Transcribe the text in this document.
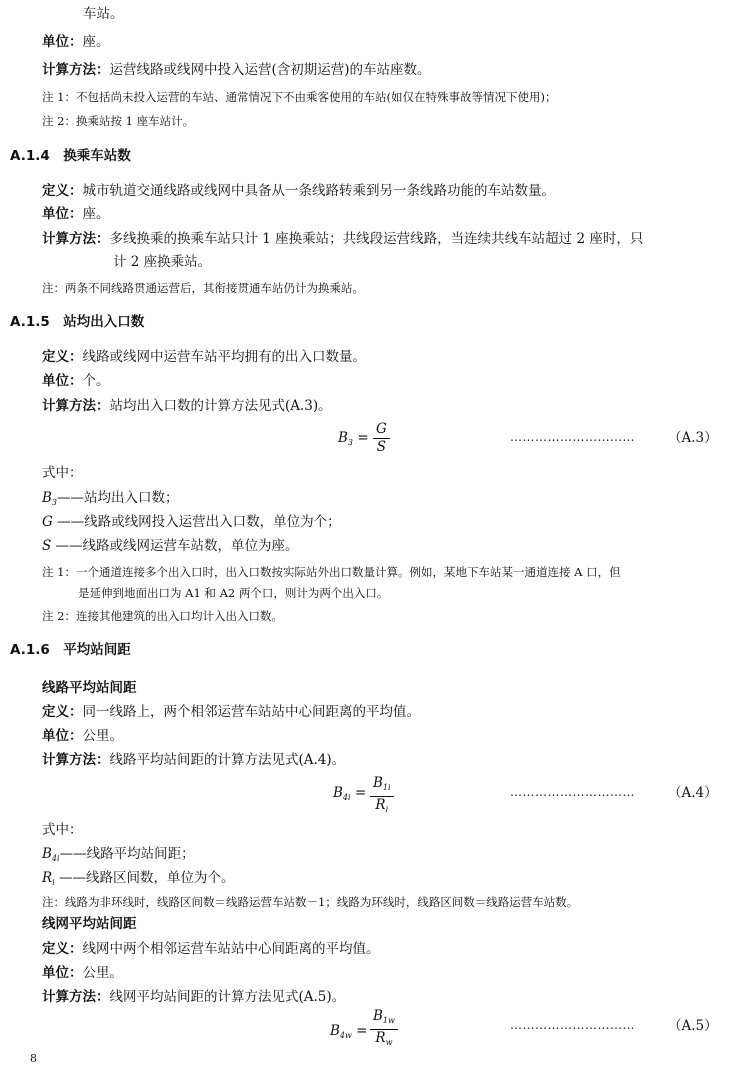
车站。
单位：座。
计算方法：运营线路或线网中投入运营(含初期运营)的车站座数。
注 1：不包括尚未投入运营的车站、通常情况下不由乘客使用的车站(如仅在特殊事故等情况下使用)；
注 2：换乘站按 1 座车站计。
A.1.4　换乘车站数
定义：城市轨道交通线路或线网中具备从一条线路转乘到另一条线路功能的车站数量。
单位：座。
计算方法：多线换乘的换乘车站只计 1 座换乘站；共线段运营线路，当连续共线车站超过 2 座时，只
计 2 座换乘站。
注：两条不同线路贯通运营后，其衔接贯通车站仍计为换乘站。
A.1.5　站均出入口数
定义：线路或线网中运营车站平均拥有的出入口数量。
单位：个。
计算方法：站均出入口数的计算方法见式(A.3)。
$B_3 = \frac{G}{S}$	………………………… （A.3）
式中：
$B_3——$站均出入口数；
G ——线路或线网投入运营出入口数，单位为个；
S ——线路或线网运营车站数，单位为座。
注 1：一个通道连接多个出入口时，出入口数按实际站外出口数量计算。例如，某地下车站某一通道连接 A 口，但
是延伸到地面出口为 A1 和 A2 两个口，则计为两个出入口。
注 2：连接其他建筑的出入口均计入出入口数。
A.1.6　平均站间距
线路平均站间距
定义：同一线路上，两个相邻运营车站站中心间距离的平均值。
单位：公里。
计算方法：线路平均站间距的计算方法见式(A.4)。
$B_{4i} = \frac{B_{1i}}{R_i}$	………………………… （A.4）
式中：
$B_{4i}——$线路平均站间距；
$R_i$ ——线路区间数，单位为个。
注：线路为非环线时，线路区间数＝线路运营车站数－1；线路为环线时，线路区间数＝线路运营车站数。
线网平均站间距
定义：线网中两个相邻运营车站站中心间距离的平均值。
单位：公里。
计算方法：线网平均站间距的计算方法见式(A.5)。
$B_{4w} = \frac{B_{1w}}{R_w}$	………………………… （A.5）
8
